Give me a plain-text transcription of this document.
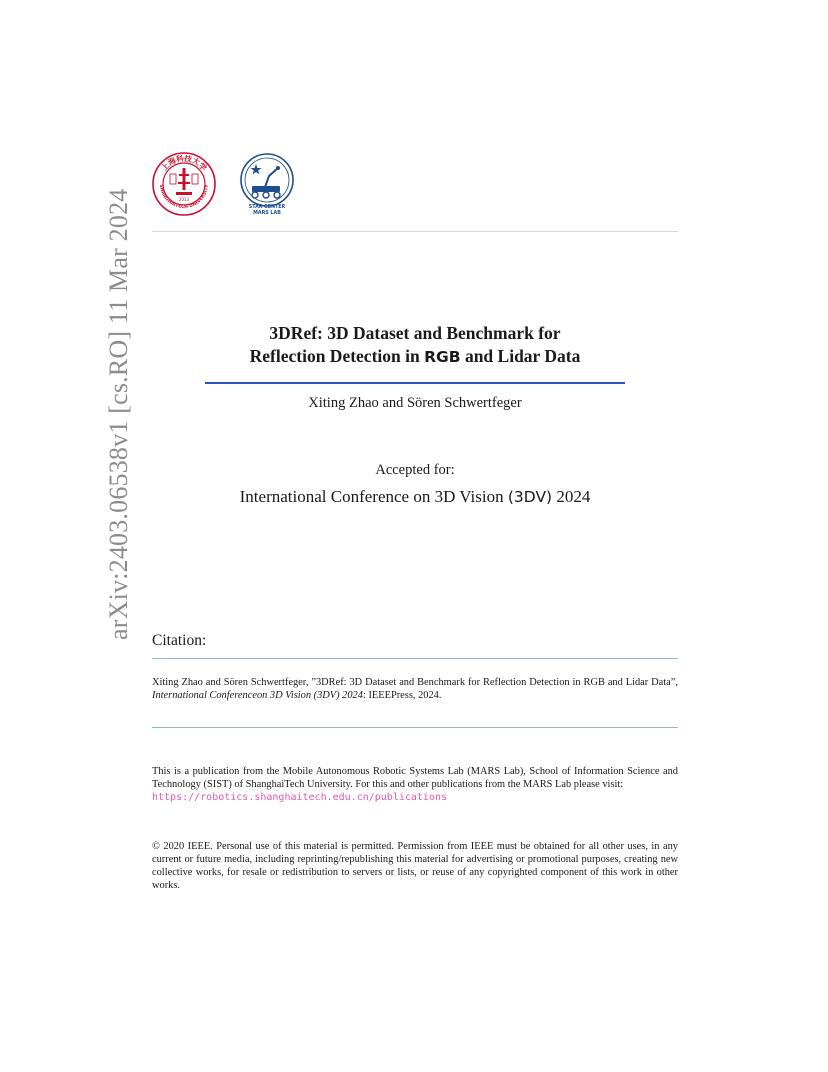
arXiv:2403.06538v1 [cs.RO] 11 Mar 2024
上海科技大学
SHANGHAITECH UNIVERSITY
2013
STAR CENTER
MARS LAB
3DRef: 3D Dataset and Benchmark for
Reflection Detection in RGB and Lidar Data
Xiting Zhao and Sören Schwertfeger
Accepted for:
International Conference on 3D Vision (3DV) 2024
Citation:
Xiting Zhao and Sören Schwertfeger, ”3DRef: 3D Dataset and Benchmark for Reflection Detection in RGB and Lidar Data”, International Conferenceon 3D Vision (3DV) 2024: IEEEPress, 2024.
This is a publication from the Mobile Autonomous Robotic Systems Lab (MARS Lab), School of Information Science and Technology (SIST) of ShanghaiTech University. For this and other publications from the MARS Lab please visit:
https://robotics.shanghaitech.edu.cn/publications
© 2020 IEEE. Personal use of this material is permitted. Permission from IEEE must be obtained for all other uses, in any current or future media, including reprinting/republishing this material for advertising or promotional purposes, creating new collective works, for resale or redistribution to servers or lists, or reuse of any copyrighted component of this work in other works.
